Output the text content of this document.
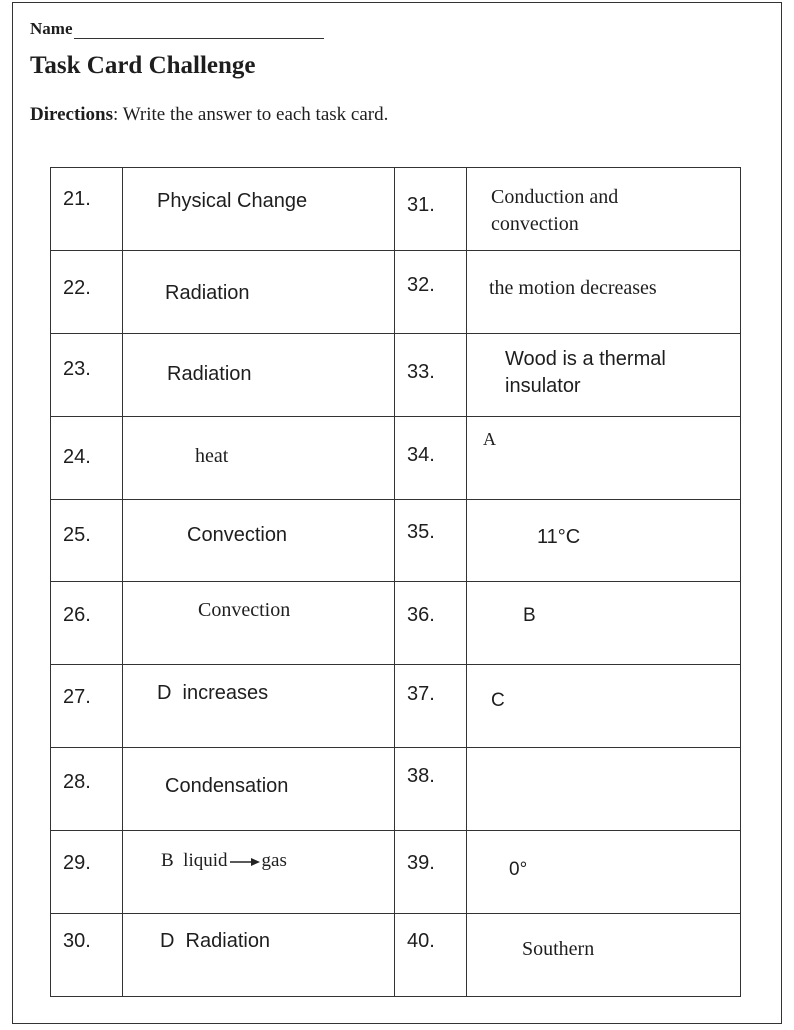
Name
Task Card Challenge
Directions: Write the answer to each task card.
21.	Physical Change	31.	Conduction and
convection

22.	Radiation	32.	the motion decreases

23.	Radiation	33.	Wood is a thermal
insulator

24.	heat	34.	A

25.	Convection	35.	11°C

26.	Convection	36.	B

27.	D  increases	37.	C

28.	Condensation	38.	

29.	B  liquid gas	39.	0°

30.	D  Radiation	40.	Southern
